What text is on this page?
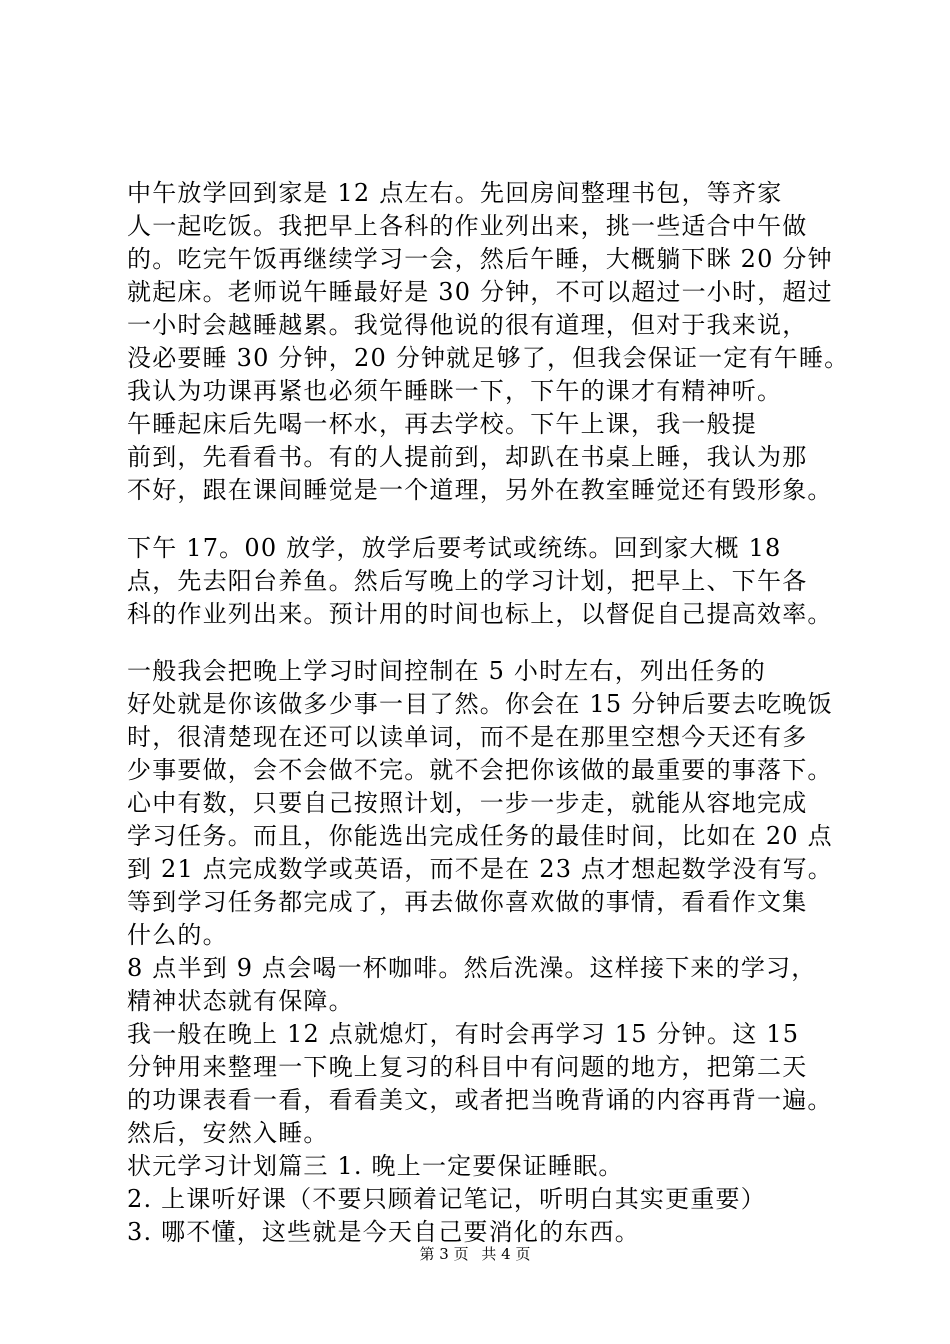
中午放学回到家是 12 点左右。先回房间整理书包，等齐家
人一起吃饭。我把早上各科的作业列出来，挑一些适合中午做
的。吃完午饭再继续学习一会，然后午睡，大概躺下眯 20 分钟
就起床。老师说午睡最好是 30 分钟，不可以超过一小时，超过
一小时会越睡越累。我觉得他说的很有道理，但对于我来说，
没必要睡 30 分钟，20 分钟就足够了，但我会保证一定有午睡。
我认为功课再紧也必须午睡眯一下，下午的课才有精神听。
午睡起床后先喝一杯水，再去学校。下午上课，我一般提
前到，先看看书。有的人提前到，却趴在书桌上睡，我认为那
不好，跟在课间睡觉是一个道理，另外在教室睡觉还有毁形象。
下午 17。00 放学，放学后要考试或统练。回到家大概 18
点，先去阳台养鱼。然后写晚上的学习计划，把早上、下午各
科的作业列出来。预计用的时间也标上，以督促自己提高效率。
一般我会把晚上学习时间控制在 5 小时左右，列出任务的
好处就是你该做多少事一目了然。你会在 15 分钟后要去吃晚饭
时，很清楚现在还可以读单词，而不是在那里空想今天还有多
少事要做，会不会做不完。就不会把你该做的最重要的事落下。
心中有数，只要自己按照计划，一步一步走，就能从容地完成
学习任务。而且，你能选出完成任务的最佳时间，比如在 20 点
到 21 点完成数学或英语，而不是在 23 点才想起数学没有写。
等到学习任务都完成了，再去做你喜欢做的事情，看看作文集
什么的。
8 点半到 9 点会喝一杯咖啡。然后洗澡。这样接下来的学习，
精神状态就有保障。
我一般在晚上 12 点就熄灯，有时会再学习 15 分钟。这 15
分钟用来整理一下晚上复习的科目中有问题的地方，把第二天
的功课表看一看，看看美文，或者把当晚背诵的内容再背一遍。
然后，安然入睡。
状元学习计划篇三 1. 晚上一定要保证睡眠。
2. 上课听好课（不要只顾着记笔记，听明白其实更重要）
3. 哪不懂，这些就是今天自己要消化的东西。
第 3 页 共 4 页
